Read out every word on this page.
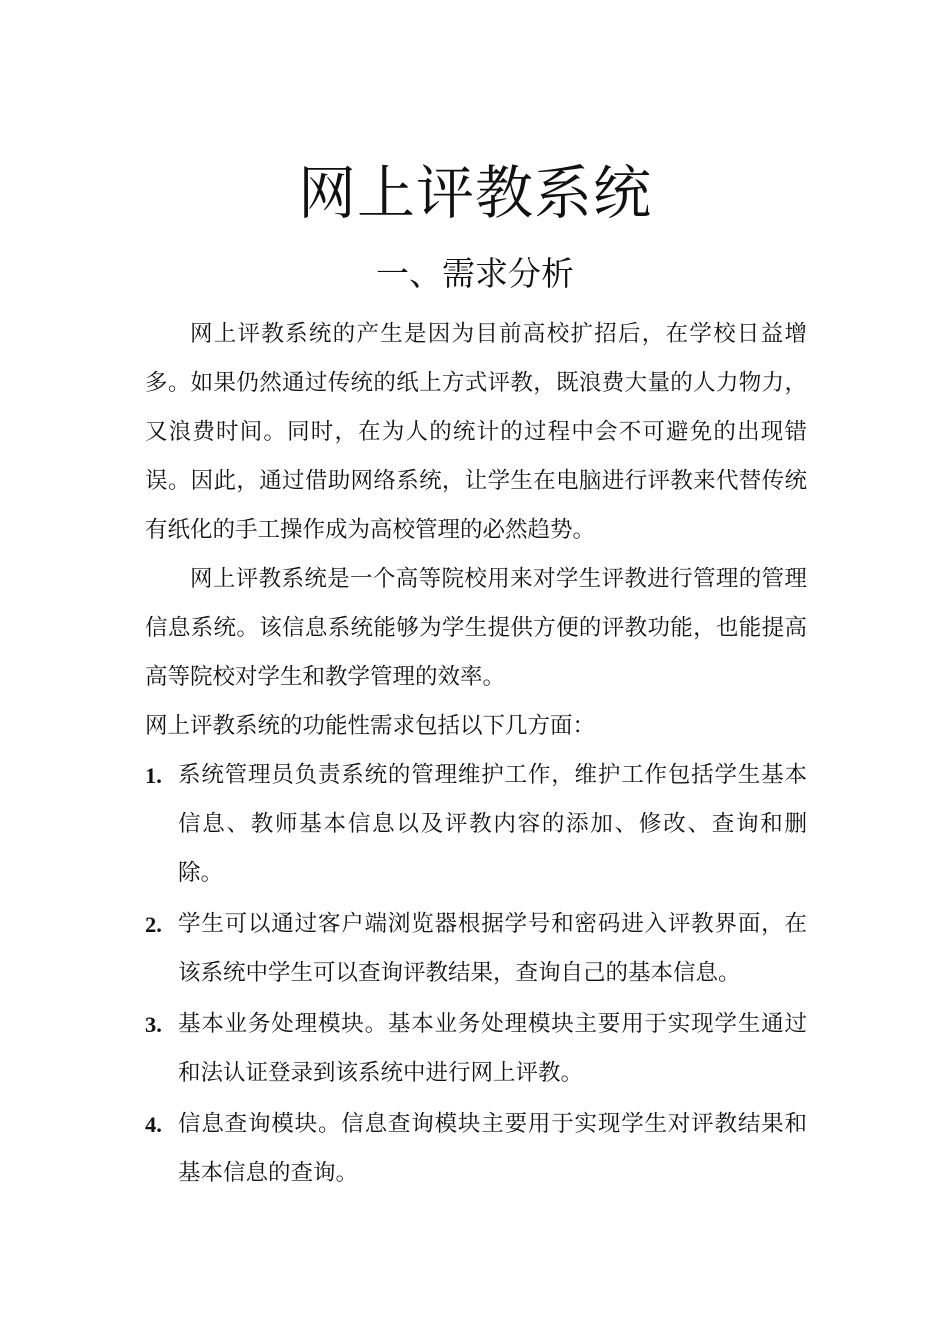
网上评教系统
一、需求分析

网上评教系统的产生是因为目前高校扩招后，在学校日益增多。如果仍然通过传统的纸上方式评教，既浪费大量的人力物力，又浪费时间。同时，在为人的统计的过程中会不可避免的出现错误。因此，通过借助网络系统，让学生在电脑进行评教来代替传统有纸化的手工操作成为高校管理的必然趋势。

网上评教系统是一个高等院校用来对学生评教进行管理的管理信息系统。该信息系统能够为学生提供方便的评教功能，也能提高高等院校对学生和教学管理的效率。

网上评教系统的功能性需求包括以下几方面：

1. 系统管理员负责系统的管理维护工作，维护工作包括学生基本信息、教师基本信息以及评教内容的添加、修改、查询和删除。
2. 学生可以通过客户端浏览器根据学号和密码进入评教界面，在该系统中学生可以查询评教结果，查询自己的基本信息。
3. 基本业务处理模块。基本业务处理模块主要用于实现学生通过和法认证登录到该系统中进行网上评教。
4. 信息查询模块。信息查询模块主要用于实现学生对评教结果和基本信息的查询。
